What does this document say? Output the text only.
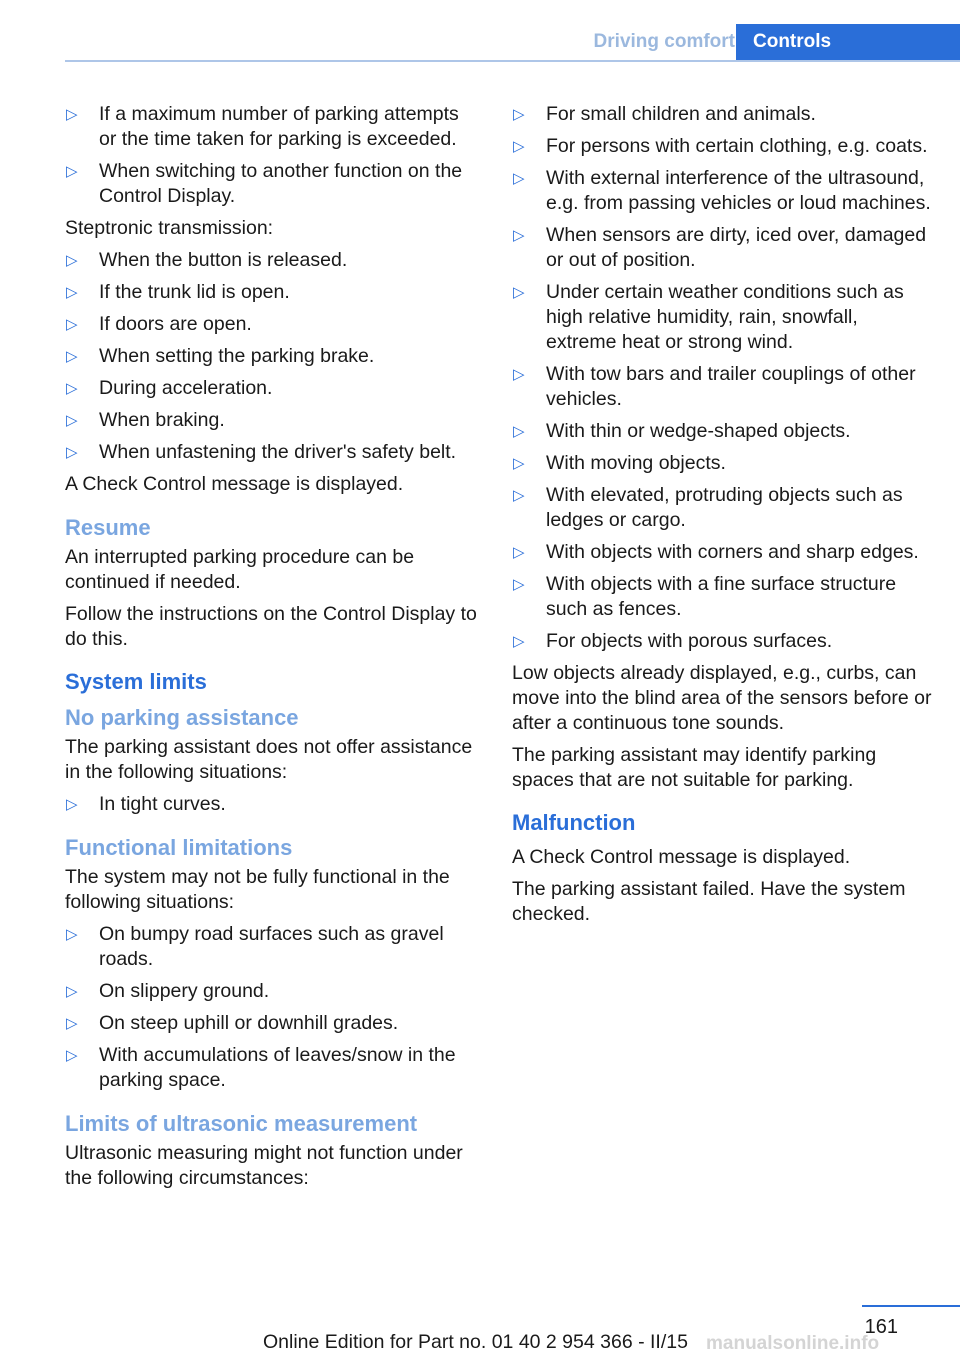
Driving comfort Controls
▷ If a maximum number of parking attempts or the time taken for parking is exceeded.
▷ When switching to another function on the Control Display.

Steptronic transmission:

▷ When the button is released.
▷ If the trunk lid is open.
▷ If doors are open.
▷ When setting the parking brake.
▷ During acceleration.
▷ When braking.
▷ When unfastening the driver's safety belt.

A Check Control message is displayed.

Resume

An interrupted parking procedure can be continued if needed.

Follow the instructions on the Control Display to do this.

System limits
No parking assistance

The parking assistant does not offer assistance in the following situations:

▷ In tight curves.
Functional limitations

The system may not be fully functional in the following situations:

▷ On bumpy road surfaces such as gravel roads.
▷ On slippery ground.
▷ On steep uphill or downhill grades.
▷ With accumulations of leaves/snow in the parking space.
Limits of ultrasonic measurement

Ultrasonic measuring might not function under the following circumstances:

▷ For small children and animals.
▷ For persons with certain clothing, e.g. coats.
▷ With external interference of the ultrasound, e.g. from passing vehicles or loud machines.
▷ When sensors are dirty, iced over, damaged or out of position.
▷ Under certain weather conditions such as high relative humidity, rain, snowfall, extreme heat or strong wind.
▷ With tow bars and trailer couplings of other vehicles.
▷ With thin or wedge-shaped objects.
▷ With moving objects.
▷ With elevated, protruding objects such as ledges or cargo.
▷ With objects with corners and sharp edges.
▷ With objects with a fine surface structure such as fences.
▷ For objects with porous surfaces.

Low objects already displayed, e.g., curbs, can move into the blind area of the sensors before or after a continuous tone sounds.

The parking assistant may identify parking spaces that are not suitable for parking.

Malfunction

A Check Control message is displayed.

The parking assistant failed. Have the system checked.

161
Online Edition for Part no. 01 40 2 954 366 - II/15 manualsonline.info
